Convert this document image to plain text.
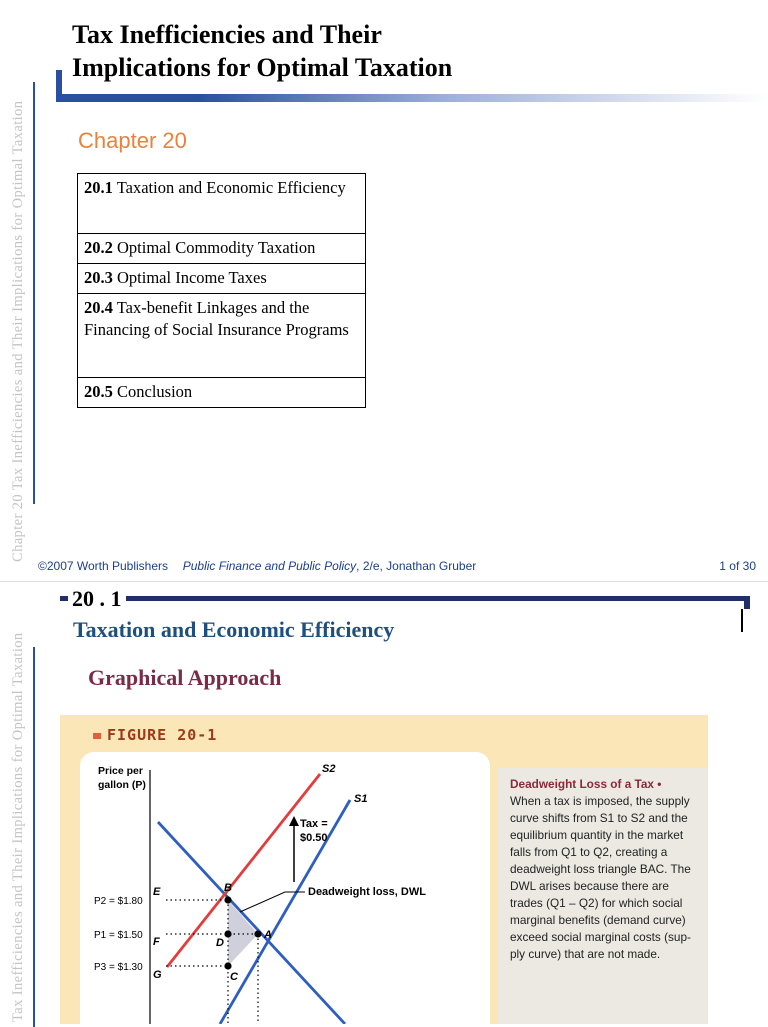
Chapter 20 Tax Inefficiencies and Their Implications for Optimal Taxation
Tax Inefficiencies and Their
Implications for Optimal Taxation
Chapter 20
20.1 Taxation and Economic Efficiency
20.2 Optimal Commodity Taxation
20.3 Optimal Income Taxes
20.4 Tax-benefit Linkages and the Financing of Social Insurance Programs
20.5 Conclusion
©2007 Worth Publishers Public Finance and Public Policy, 2/e, Jonathan Gruber	1 of 30
Tax Inefficiencies and Their Implications for Optimal Taxation
20 . 1
Taxation and Economic Efficiency
Graphical Approach
FIGURE 20-1
Deadweight Loss of a Tax •
When a tax is imposed, the supply
curve shifts from S1 to S2 and the
equilibrium quantity in the market
falls from Q1 to Q2, creating a
deadweight loss triangle BAC. The
DWL arises because there are
trades (Q1 – Q2) for which social
marginal benefits (demand curve)
exceed social marginal costs (sup-
ply curve) that are not made.
Price per
gallon (P)
S2
S1
Tax =
$0.50
Deadweight loss, DWL
P2 = $1.80
P1 = $1.50
P3 = $1.30
E	B
F	D
A
G	C
